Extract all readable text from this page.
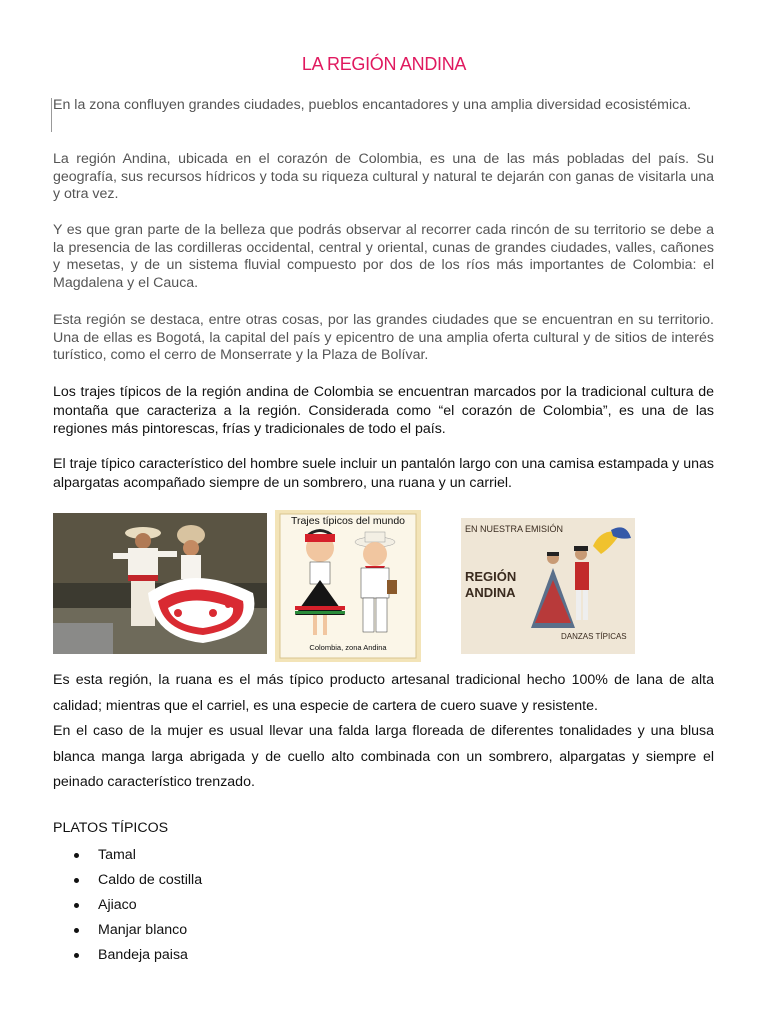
LA REGIÓN ANDINA

En la zona confluyen grandes ciudades, pueblos encantadores y una amplia diversidad ecosistémica.

La región Andina, ubicada en el corazón de Colombia, es una de las más pobladas del país. Su geografía, sus recursos hídricos y toda su riqueza cultural y natural te dejarán con ganas de visitarla una y otra vez.

Y es que gran parte de la belleza que podrás observar al recorrer cada rincón de su territorio se debe a la presencia de las cordilleras occidental, central y oriental, cunas de grandes ciudades, valles, cañones y mesetas, y de un sistema fluvial compuesto por dos de los ríos más importantes de Colombia: el Magdalena y el Cauca.

Esta región se destaca, entre otras cosas, por las grandes ciudades que se encuentran en su territorio. Una de ellas es Bogotá, la capital del país y epicentro de una amplia oferta cultural y de sitios de interés turístico, como el cerro de Monserrate y la Plaza de Bolívar.

Los trajes típicos de la región andina de Colombia se encuentran marcados por la tradicional cultura de montaña que caracteriza a la región. Considerada como “el corazón de Colombia”, es una de las regiones más pintorescas, frías y tradicionales de todo el país.

El traje típico característico del hombre suele incluir un pantalón largo con una camisa estampada y unas alpargatas acompañado siempre de un sombrero, una ruana y un carriel.

Trajes típicos del mundo
Colombia, zona Andina
EN NUESTRA EMISIÓN
REGIÓN
ANDINA
DANZAS TÍPICAS

Es esta región, la ruana es el más típico producto artesanal tradicional hecho 100% de lana de alta calidad; mientras que el carriel, es una especie de cartera de cuero suave y resistente.

En el caso de la mujer es usual llevar una falda larga floreada de diferentes tonalidades y una blusa blanca manga larga abrigada y de cuello alto combinada con un sombrero, alpargatas y siempre el peinado característico trenzado.

PLATOS TÍPICOS
Tamal
Caldo de costilla
Ajiaco
Manjar blanco
Bandeja paisa
